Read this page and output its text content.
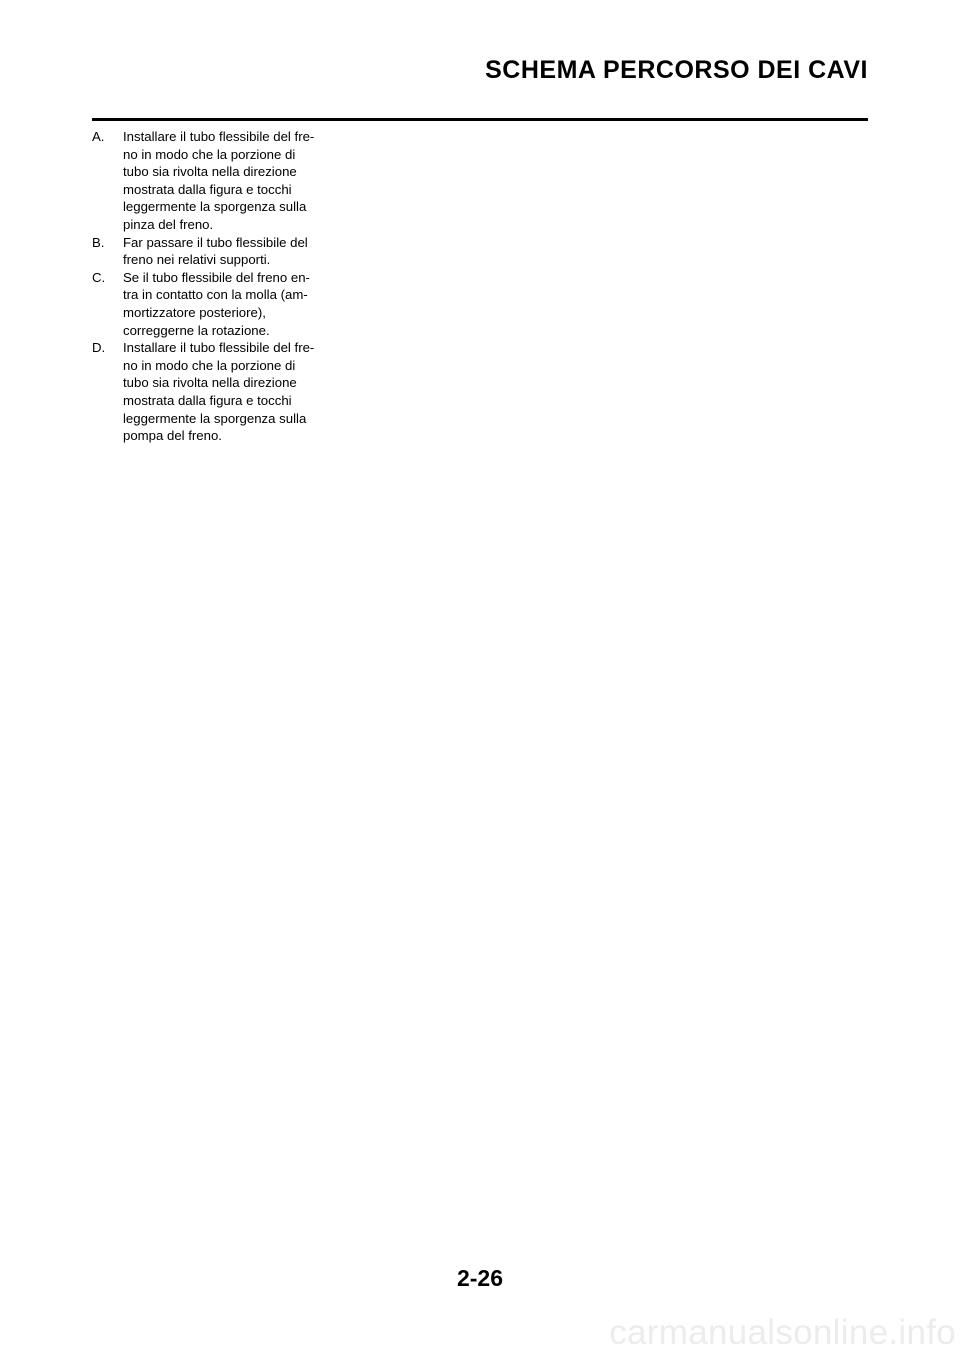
SCHEMA PERCORSO DEI CAVI
A. Installare il tubo flessibile del fre-
no in modo che la porzione di
tubo sia rivolta nella direzione
mostrata dalla figura e tocchi
leggermente la sporgenza sulla
pinza del freno.
B. Far passare il tubo flessibile del
freno nei relativi supporti.
C. Se il tubo flessibile del freno en-
tra in contatto con la molla (am-
mortizzatore posteriore),
correggerne la rotazione.
D. Installare il tubo flessibile del fre-
no in modo che la porzione di
tubo sia rivolta nella direzione
mostrata dalla figura e tocchi
leggermente la sporgenza sulla
pompa del freno.
2-26
carmanualsonline.info
